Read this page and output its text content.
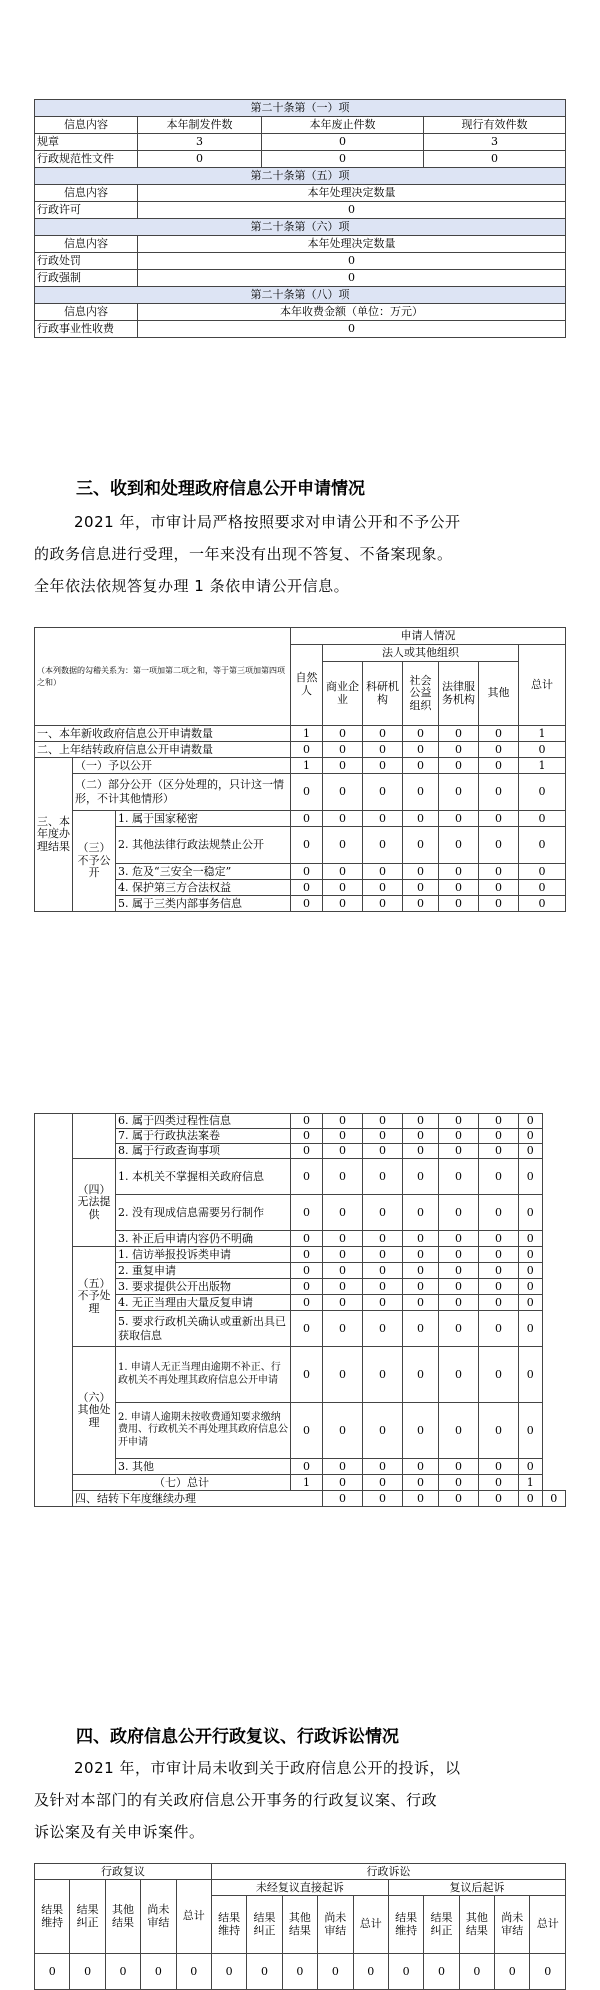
第二十条第（一）项			
信息内容	本年制发件数	本年废止件数	现行有效件数
规章	3	0	3
行政规范性文件	0	0	0
第二十条第（五）项			
信息内容	本年处理决定数量		
行政许可	0		
第二十条第（六）项			
信息内容	本年处理决定数量		
行政处罚	0		
行政强制	0		
第二十条第（八）项			
信息内容	本年收费金额（单位：万元）		
行政事业性收费	0		
三、收到和处理政府信息公开申请情况
2021 年，市审计局严格按照要求对申请公开和不予公开
的政务信息进行受理，一年来没有出现不答复、不备案现象。
全年依法依规答复办理 1 条依申请公开信息。
（本列数据的勾稽关系为：第一项加第二项之和，等于第三项加第四项之和）			申请人情况						
			自然人	法人或其他组织					总计
				商业企业	科研机构	社会公益组织	法律服务机构	其他	
一、本年新收政府信息公开申请数量			1	0	0	0	0	0	1
二、上年结转政府信息公开申请数量			0	0	0	0	0	0	0
三、本年度办理结果	（一）予以公开		1	0	0	0	0	0	1
	（二）部分公开（区分处理的，只计这一情形，不计其他情形）		0	0	0	0	0	0	0
	（三）不予公开	1. 属于国家秘密	0	0	0	0	0	0	0
		2. 其他法律行政法规禁止公开	0	0	0	0	0	0	0
		3. 危及“三安全一稳定”	0	0	0	0	0	0	0
		4. 保护第三方合法权益	0	0	0	0	0	0	0
		5. 属于三类内部事务信息	0	0	0	0	0	0	0
		6. 属于四类过程性信息	0	0	0	0	0	0	0	
		7. 属于行政执法案卷	0	0	0	0	0	0	0	
		8. 属于行政查询事项	0	0	0	0	0	0	0	
	（四）无法提供	1. 本机关不掌握相关政府信息	0	0	0	0	0	0	0	
		2. 没有现成信息需要另行制作	0	0	0	0	0	0	0	
		3. 补正后申请内容仍不明确	0	0	0	0	0	0	0	
	（五）不予处理	1. 信访举报投诉类申请	0	0	0	0	0	0	0	
		2. 重复申请	0	0	0	0	0	0	0	
		3. 要求提供公开出版物	0	0	0	0	0	0	0	
		4. 无正当理由大量反复申请	0	0	0	0	0	0	0	
		5. 要求行政机关确认或重新出具已获取信息	0	0	0	0	0	0	0	
	（六）其他处理	1. 申请人无正当理由逾期不补正、行政机关不再处理其政府信息公开申请	0	0	0	0	0	0	0	
		2. 申请人逾期未按收费通知要求缴纳费用、行政机关不再处理其政府信息公开申请	0	0	0	0	0	0	0	
		3. 其他	0	0	0	0	0	0	0	
	（七）总计		1	0	0	0	0	0	1	
	四、结转下年度继续办理			0	0	0	0	0	0	0
四、政府信息公开行政复议、行政诉讼情况
2021 年，市审计局未收到关于政府信息公开的投诉，以
及针对本部门的有关政府信息公开事务的行政复议案、行政
诉讼案及有关申诉案件。
行政复议					行政诉讼									
结果维持	结果纠正	其他结果	尚未审结	总计	未经复议直接起诉					复议后起诉				
					结果维持	结果纠正	其他结果	尚未审结	总计	结果维持	结果纠正	其他结果	尚未审结	总计
0	0	0	0	0	0	0	0	0	0	0	0	0	0	0
